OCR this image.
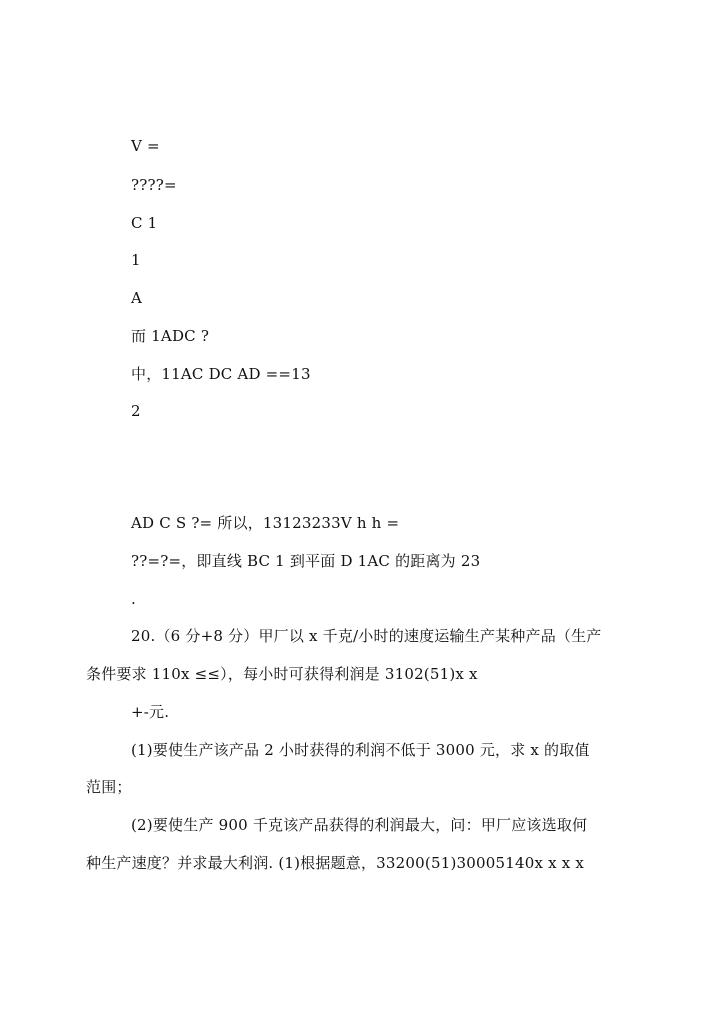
V =
????=
C 1
1
A
而 1ADC ?
中，11AC DC AD ==13
2
AD C S ?= 所以，13123233V h h =
??=?=，即直线 BC 1 到平面 D 1AC 的距离为 23
.
20.（6 分+8 分）甲厂以 x 千克/小时的速度运输生产某种产品（生产
条件要求 110x ≤≤），每小时可获得利润是 3102(51)x x
+-元.
(1)要使生产该产品 2 小时获得的利润不低于 3000 元，求 x 的取值
范围；
(2)要使生产 900 千克该产品获得的利润最大，问：甲厂应该选取何
种生产速度？并求最大利润. (1)根据题意，33200(51)30005140x x x x
